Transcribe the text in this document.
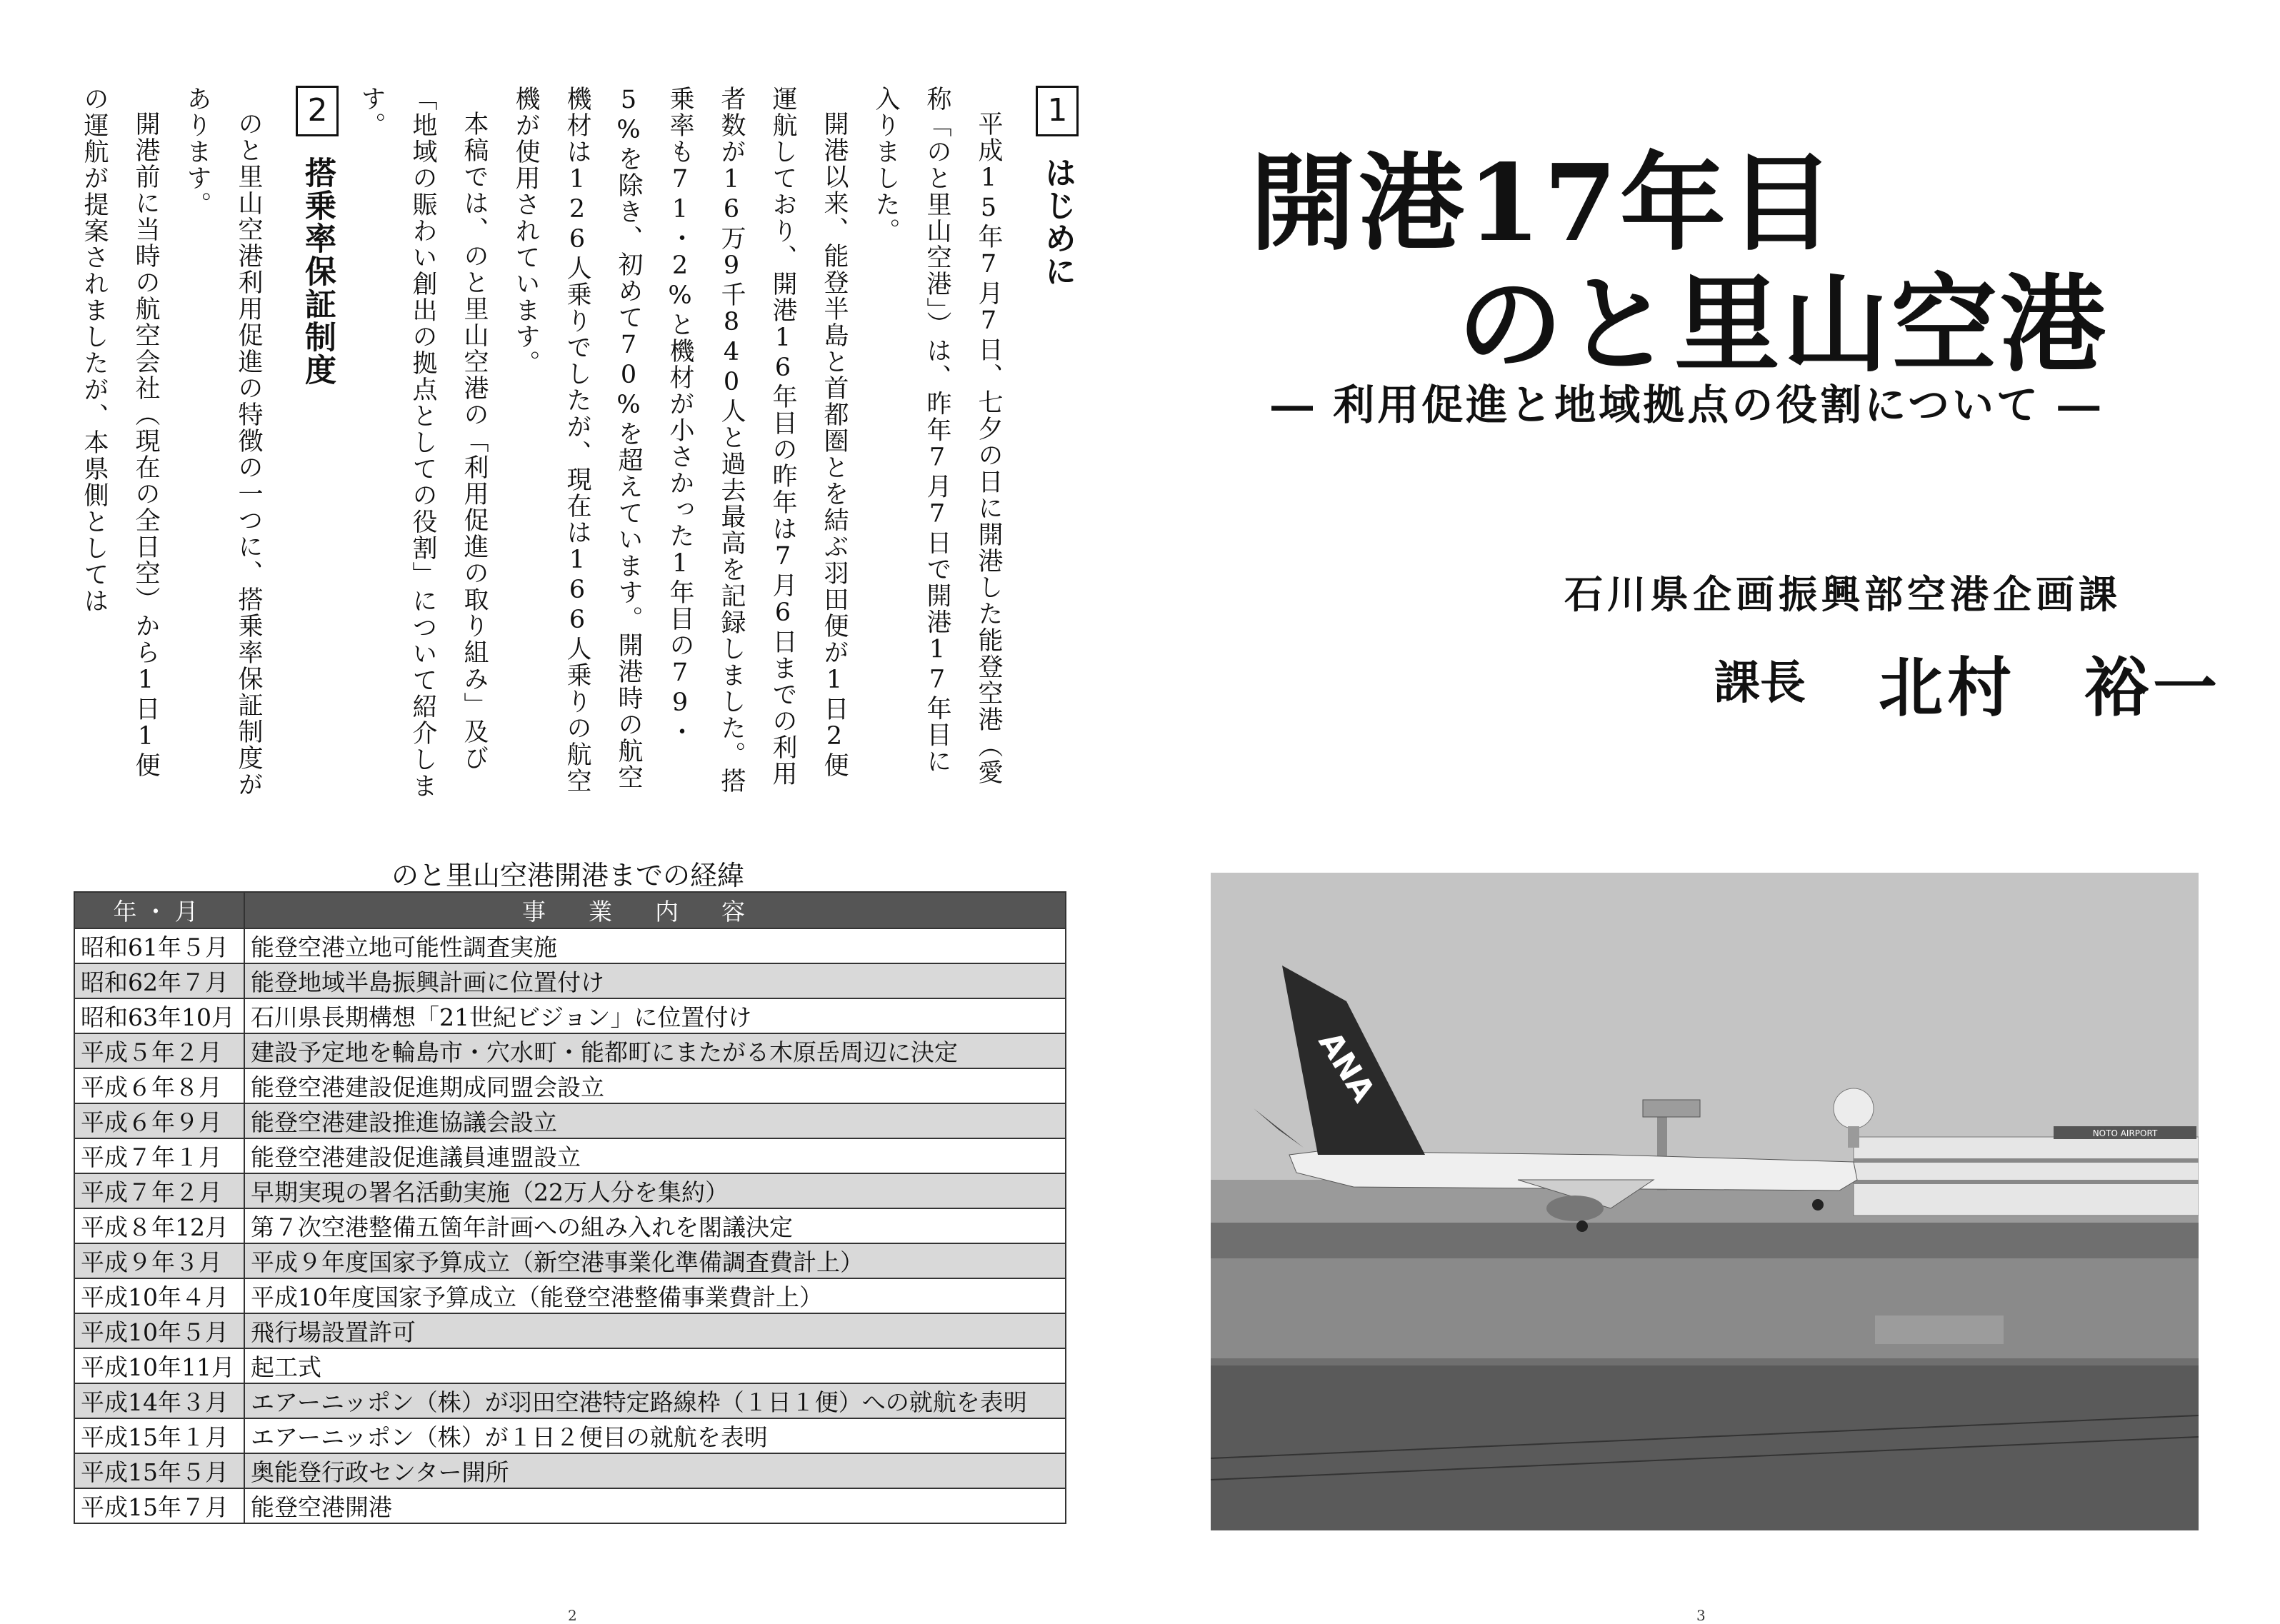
1はじめに

平成15年7月7日、七夕の日に開港した能登空港（愛称「のと里山空港」）は、昨年7月7日で開港17年目に入りました。

開港以来、能登半島と首都圏とを結ぶ羽田便が1日2便運航しており、開港16年目の昨年は7月6日までの利用者数が16万9千840人と過去最高を記録しました。搭乗率も71・2%と機材が小さかった1年目の79・5%を除き、初めて70%を超えています。開港時の航空機材は126人乗りでしたが、現在は166人乗りの航空機が使用されています。

本稿では、のと里山空港の「利用促進の取り組み」及び「地域の賑わい創出の拠点としての役割」について紹介します。

2搭乗率保証制度

のと里山空港利用促進の特徴の一つに、搭乗率保証制度があります。

開港前に当時の航空会社（現在の全日空）から1日1便の運航が提案されましたが、本県側としては	開港17年目
のと里山空港
― 利用促進と地域拠点の役割について ―
石川県企画振興部空港企画課
課長 北村　裕一
のと里山空港開港までの経緯
年・月	事業内容
昭和61年５月	能登空港立地可能性調査実施
昭和62年７月	能登地域半島振興計画に位置付け
昭和63年10月	石川県長期構想「21世紀ビジョン」に位置付け
平成５年２月	建設予定地を輪島市・穴水町・能都町にまたがる木原岳周辺に決定
平成６年８月	能登空港建設促進期成同盟会設立
平成６年９月	能登空港建設推進協議会設立
平成７年１月	能登空港建設促進議員連盟設立
平成７年２月	早期実現の署名活動実施（22万人分を集約）
平成８年12月	第７次空港整備五箇年計画への組み入れを閣議決定
平成９年３月	平成９年度国家予算成立（新空港事業化準備調査費計上）
平成10年４月	平成10年度国家予算成立（能登空港整備事業費計上）
平成10年５月	飛行場設置許可
平成10年11月	起工式
平成14年３月	エアーニッポン（株）が羽田空港特定路線枠（１日１便）への就航を表明
平成15年１月	エアーニッポン（株）が１日２便目の就航を表明
平成15年５月	奥能登行政センター開所
平成15年７月	能登空港開港
NOTO AIRPORT
ANA
2	3
